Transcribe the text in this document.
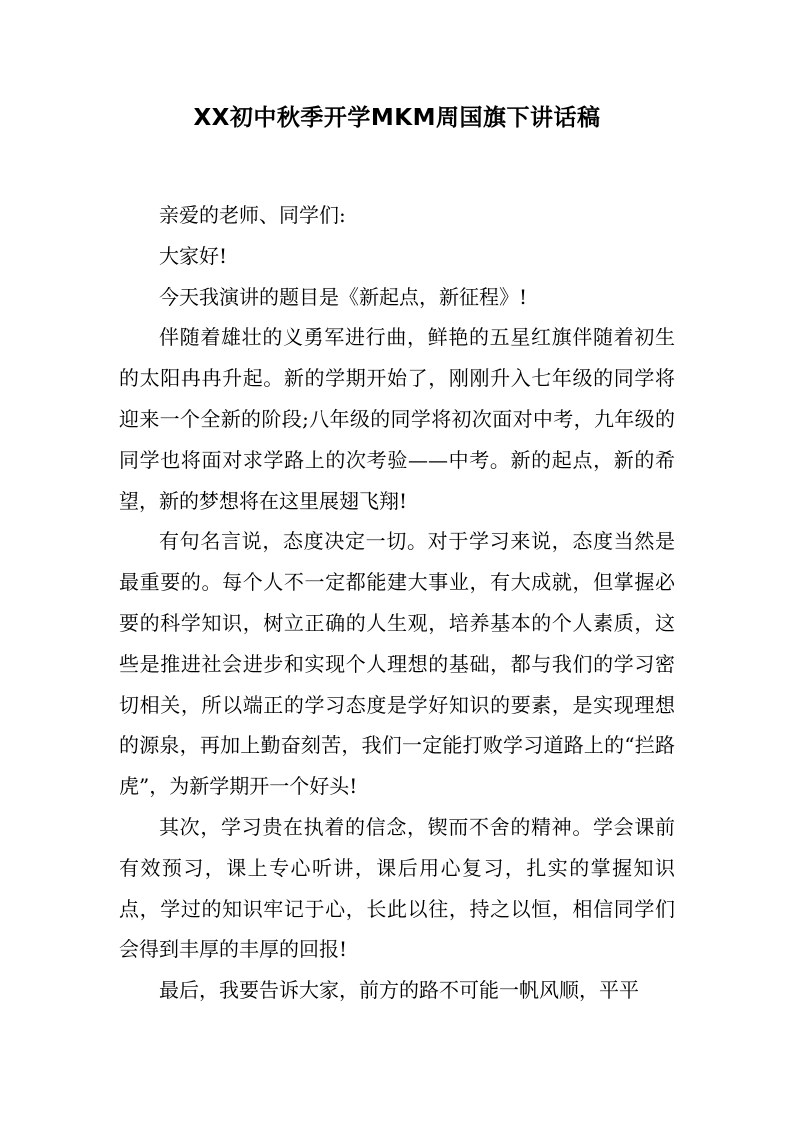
XX初中秋季开学MKM周国旗下讲话稿

亲爱的老师、同学们:

大家好!

今天我演讲的题目是《新起点，新征程》!

伴随着雄壮的义勇军进行曲，鲜艳的五星红旗伴随着初生的太阳冉冉升起。新的学期开始了，刚刚升入七年级的同学将迎来一个全新的阶段;八年级的同学将初次面对中考，九年级的同学也将面对求学路上的次考验——中考。新的起点，新的希望，新的梦想将在这里展翅飞翔!

有句名言说，态度决定一切。对于学习来说，态度当然是最重要的。每个人不一定都能建大事业，有大成就，但掌握必要的科学知识，树立正确的人生观，培养基本的个人素质，这些是推进社会进步和实现个人理想的基础，都与我们的学习密切相关，所以端正的学习态度是学好知识的要素，是实现理想的源泉，再加上勤奋刻苦，我们一定能打败学习道路上的“拦路虎”，为新学期开一个好头!

其次，学习贵在执着的信念，锲而不舍的精神。学会课前有效预习，课上专心听讲，课后用心复习，扎实的掌握知识点，学过的知识牢记于心，长此以往，持之以恒，相信同学们会得到丰厚的丰厚的回报!

最后，我要告诉大家，前方的路不可能一帆风顺，平平
